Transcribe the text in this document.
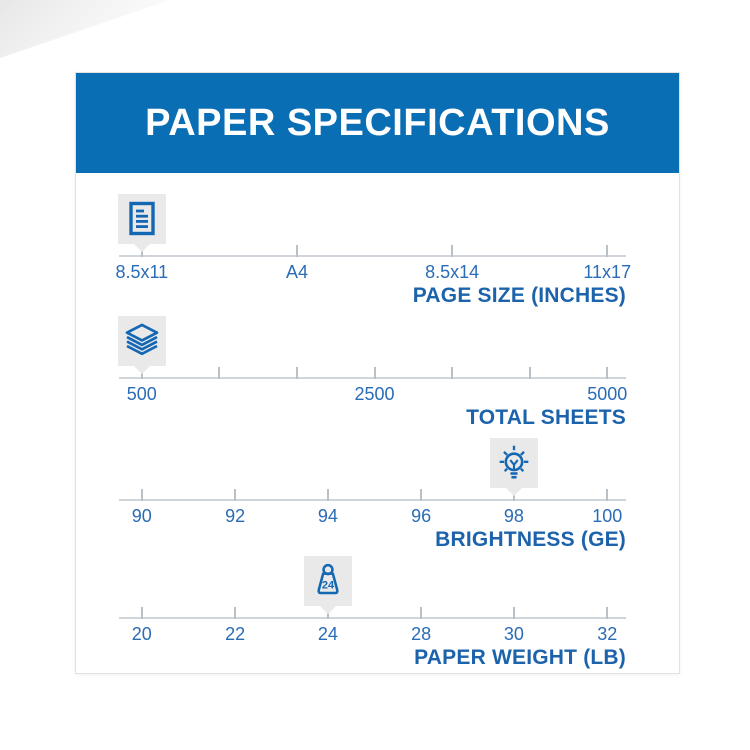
PAPER SPECIFICATIONS
8.5x11	A4	8.5x14	11x17
PAGE SIZE (INCHES)
500	2500	5000
TOTAL SHEETS
90	92	94	96	98	100
BRIGHTNESS (GE)
20	22	24	28	30	32
PAPER WEIGHT (LB)
24
